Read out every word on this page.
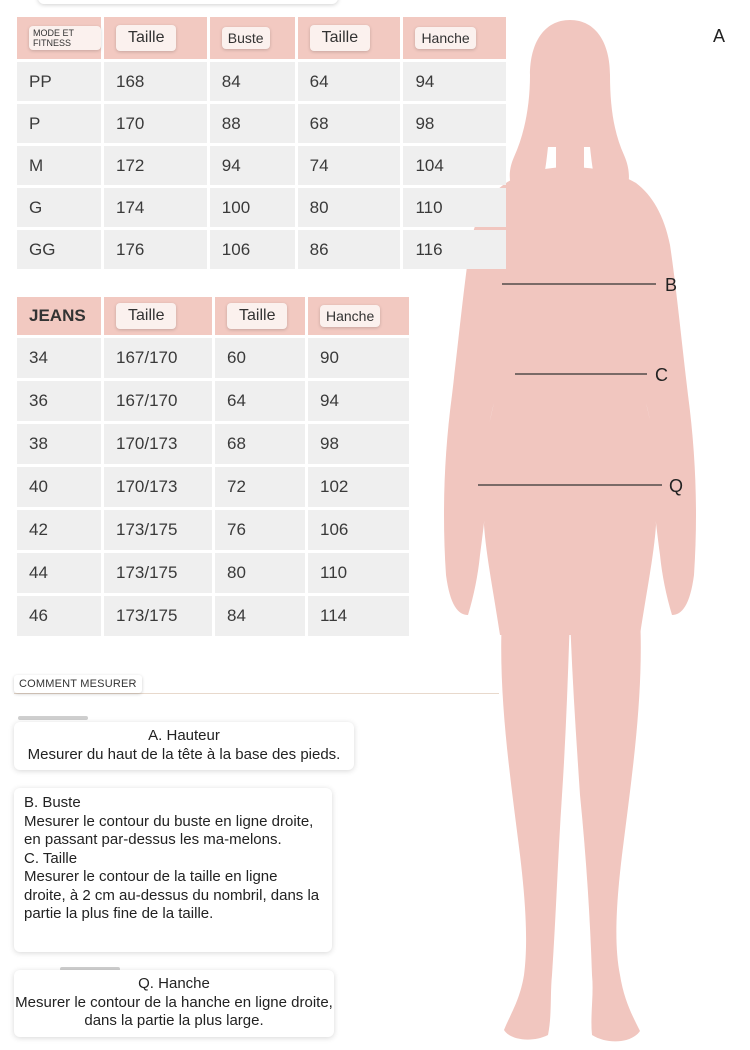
B
C
Q
A
MODE ET FITNESS	Taille	Buste	Taille	Hanche
PP	168	84	64	94
P	170	88	68	98
M	172	94	74	104
G	174	100	80	110
GG	176	106	86	116
JEANS	Taille	Taille	Hanche
34	167/170	60	90
36	167/170	64	94
38	170/173	68	98
40	170/173	72	102
42	173/175	76	106
44	173/175	80	110
46	173/175	84	114
COMMENT MESURER
A. Hauteur
Mesurer du haut de la tête à la base des pieds.
B. Buste
Mesurer le contour du buste en ligne droite, en passant par-dessus les ma-melons.
C. Taille
Mesurer le contour de la taille en ligne droite, à 2 cm au-dessus du nombril, dans la partie la plus fine de la taille.
Q. Hanche
Mesurer le contour de la hanche en ligne droite, dans la partie la plus large.
